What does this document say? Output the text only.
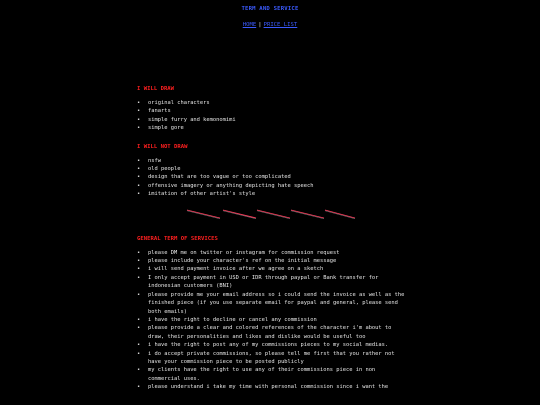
TERM AND SERVICE
HOME | PRICE LIST
I WILL DRAW
• original characters
• fanarts
• simple furry and kemonomimi
• simple gore
I WILL NOT DRAW
• nsfw
• old people
• design that are too vague or too complicated
• offensive imagery or anything depicting hate speech
• imitation of other artist's style
GENERAL TERM OF SERVICES
• please DM me on twitter or instagram for commission request
• please include your character's ref on the initial message
• i will send payment invoice after we agree on a sketch
• I only accept payment in USD or IDR through paypal or Bank transfer for indonesian customers (BNI)
• please provide me your email address so i could send the invoice as well as the finished piece (if you use separate email for paypal and general, please send both emails)
• i have the right to decline or cancel any commission
• please provide a clear and colored references of the character i'm about to draw, their personalities and likes and dislike would be useful too
• i have the right to post any of my commissions pieces to my social medias.
• i do accept private commissions, so please tell me first that you rather not have your commission piece to be posted publicly
• my clients have the right to use any of their commissions piece in non commercial uses.
• please understand i take my time with personal commission since i want the
